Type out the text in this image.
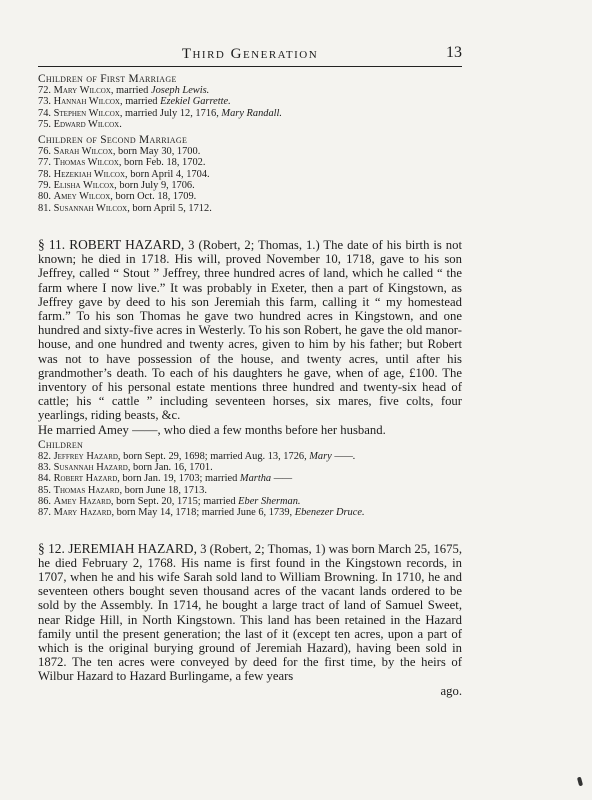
Third Generation	13
Children of First Marriage
72. Mary Wilcox, married Joseph Lewis.
73. Hannah Wilcox, married Ezekiel Garrette.
74. Stephen Wilcox, married July 12, 1716, Mary Randall.
75. Edward Wilcox.
Children of Second Marriage
76. Sarah Wilcox, born May 30, 1700.
77. Thomas Wilcox, born Feb. 18, 1702.
78. Hezekiah Wilcox, born April 4, 1704.
79. Elisha Wilcox, born July 9, 1706.
80. Amey Wilcox, born Oct. 18, 1709.
81. Susannah Wilcox, born April 5, 1712.

§ 11. ROBERT HAZARD, 3 (Robert, 2; Thomas, 1.) The date of his birth is not known; he died in 1718. His will, proved November 10, 1718, gave to his son Jeffrey, called “ Stout ” Jeffrey, three hundred acres of land, which he called “ the farm where I now live.” It was probably in Exeter, then a part of Kingstown, as Jeffrey gave by deed to his son Jeremiah this farm, calling it “ my homestead farm.” To his son Thomas he gave two hundred acres in Kingstown, and one hundred and sixty-five acres in Westerly. To his son Robert, he gave the old manor-house, and one hundred and twenty acres, given to him by his father; but Robert was not to have possession of the house, and twenty acres, until after his grandmother’s death. To each of his daughters he gave, when of age, £100. The inventory of his personal estate mentions three hundred and twenty-six head of cattle; his “ cattle ” including seventeen horses, six mares, five colts, four yearlings, riding beasts, &c.

He married Amey ——, who died a few months before her husband.

Children
82. Jeffrey Hazard, born Sept. 29, 1698; married Aug. 13, 1726, Mary ——.
83. Susannah Hazard, born Jan. 16, 1701.
84. Robert Hazard, born Jan. 19, 1703; married Martha ——
85. Thomas Hazard, born June 18, 1713.
86. Amey Hazard, born Sept. 20, 1715; married Eber Sherman.
87. Mary Hazard, born May 14, 1718; married June 6, 1739, Ebenezer Druce.

§ 12. JEREMIAH HAZARD, 3 (Robert, 2; Thomas, 1) was born March 25, 1675, he died February 2, 1768. His name is first found in the Kingstown records, in 1707, when he and his wife Sarah sold land to William Browning. In 1710, he and seventeen others bought seven thousand acres of the vacant lands ordered to be sold by the Assembly. In 1714, he bought a large tract of land of Samuel Sweet, near Ridge Hill, in North Kingstown. This land has been retained in the Hazard family until the present generation; the last of it (except ten acres, upon a part of which is the original burying ground of Jeremiah Hazard), having been sold in 1872. The ten acres were conveyed by deed for the first time, by the heirs of Wilbur Hazard to Hazard Burlingame, a few years

ago.
